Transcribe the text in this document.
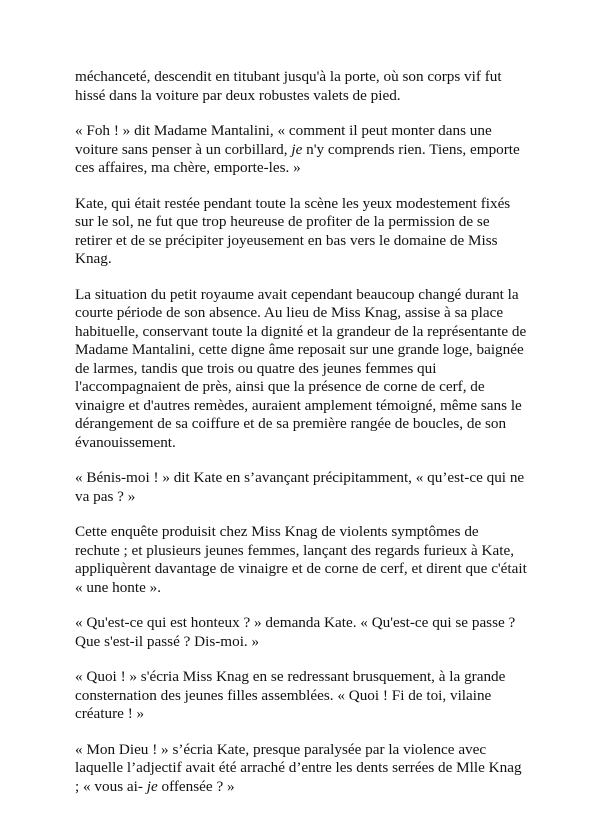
méchanceté, descendit en titubant jusqu'à la porte, où son corps vif fut hissé dans la voiture par deux robustes valets de pied.

« Foh ! » dit Madame Mantalini, « comment il peut monter dans une voiture sans penser à un corbillard, je n'y comprends rien. Tiens, emporte ces affaires, ma chère, emporte-les. »

Kate, qui était restée pendant toute la scène les yeux modestement fixés sur le sol, ne fut que trop heureuse de profiter de la permission de se retirer et de se précipiter joyeusement en bas vers le domaine de Miss Knag.

La situation du petit royaume avait cependant beaucoup changé durant la courte période de son absence. Au lieu de Miss Knag, assise à sa place habituelle, conservant toute la dignité et la grandeur de la représentante de Madame Mantalini, cette digne âme reposait sur une grande loge, baignée de larmes, tandis que trois ou quatre des jeunes femmes qui l'accompagnaient de près, ainsi que la présence de corne de cerf, de vinaigre et d'autres remèdes, auraient amplement témoigné, même sans le dérangement de sa coiffure et de sa première rangée de boucles, de son évanouissement.

« Bénis-moi ! » dit Kate en s’avançant précipitamment, « qu’est-ce qui ne va pas ? »

Cette enquête produisit chez Miss Knag de violents symptômes de rechute ; et plusieurs jeunes femmes, lançant des regards furieux à Kate, appliquèrent davantage de vinaigre et de corne de cerf, et dirent que c'était « une honte ».

« Qu'est-ce qui est honteux ? » demanda Kate. « Qu'est-ce qui se passe ? Que s'est-il passé ? Dis-moi. »

« Quoi ! » s'écria Miss Knag en se redressant brusquement, à la grande consternation des jeunes filles assemblées. « Quoi ! Fi de toi, vilaine créature ! »

« Mon Dieu ! » s’écria Kate, presque paralysée par la violence avec laquelle l’adjectif avait été arraché d’entre les dents serrées de Mlle Knag ; « vous ai- je offensée ? »
